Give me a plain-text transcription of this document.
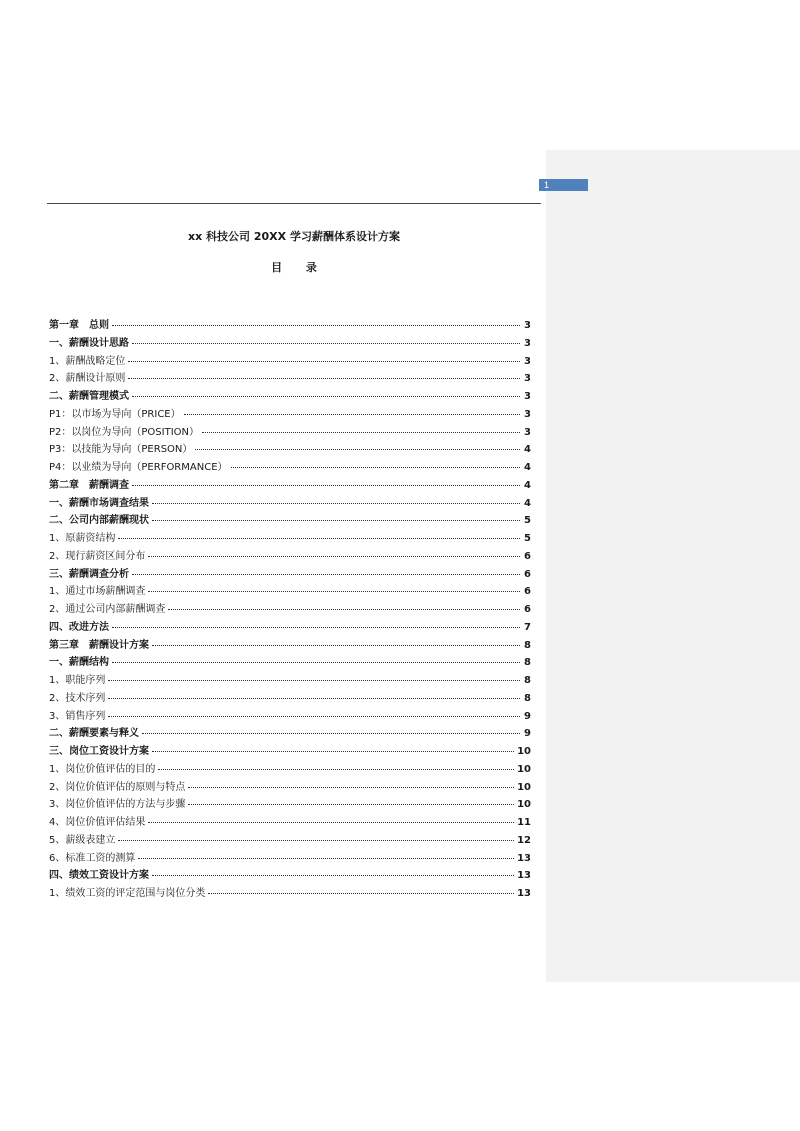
1
xx 科技公司 20XX 学习薪酬体系设计方案
目 录
第一章　总则	3
一、薪酬设计思路	3
1、薪酬战略定位	3
2、薪酬设计原则	3
二、薪酬管理模式	3
P1：以市场为导向（PRICE）	3
P2：以岗位为导向（POSITION）	3
P3：以技能为导向（PERSON）	4
P4：以业绩为导向（PERFORMANCE）	4
第二章　薪酬调查	4
一、薪酬市场调查结果	4
二、公司内部薪酬现状	5
1、原薪资结构	5
2、现行薪资区间分布	6
三、薪酬调查分析	6
1、通过市场薪酬调查	6
2、通过公司内部薪酬调查	6
四、改进方法	7
第三章　薪酬设计方案	8
一、薪酬结构	8
1、职能序列	8
2、技术序列	8
3、销售序列	9
二、薪酬要素与释义	9
三、岗位工资设计方案	10
1、岗位价值评估的目的	10
2、岗位价值评估的原则与特点	10
3、岗位价值评估的方法与步骤	10
4、岗位价值评估结果	11
5、薪级表建立	12
6、标准工资的测算	13
四、绩效工资设计方案	13
1、绩效工资的评定范围与岗位分类	13
